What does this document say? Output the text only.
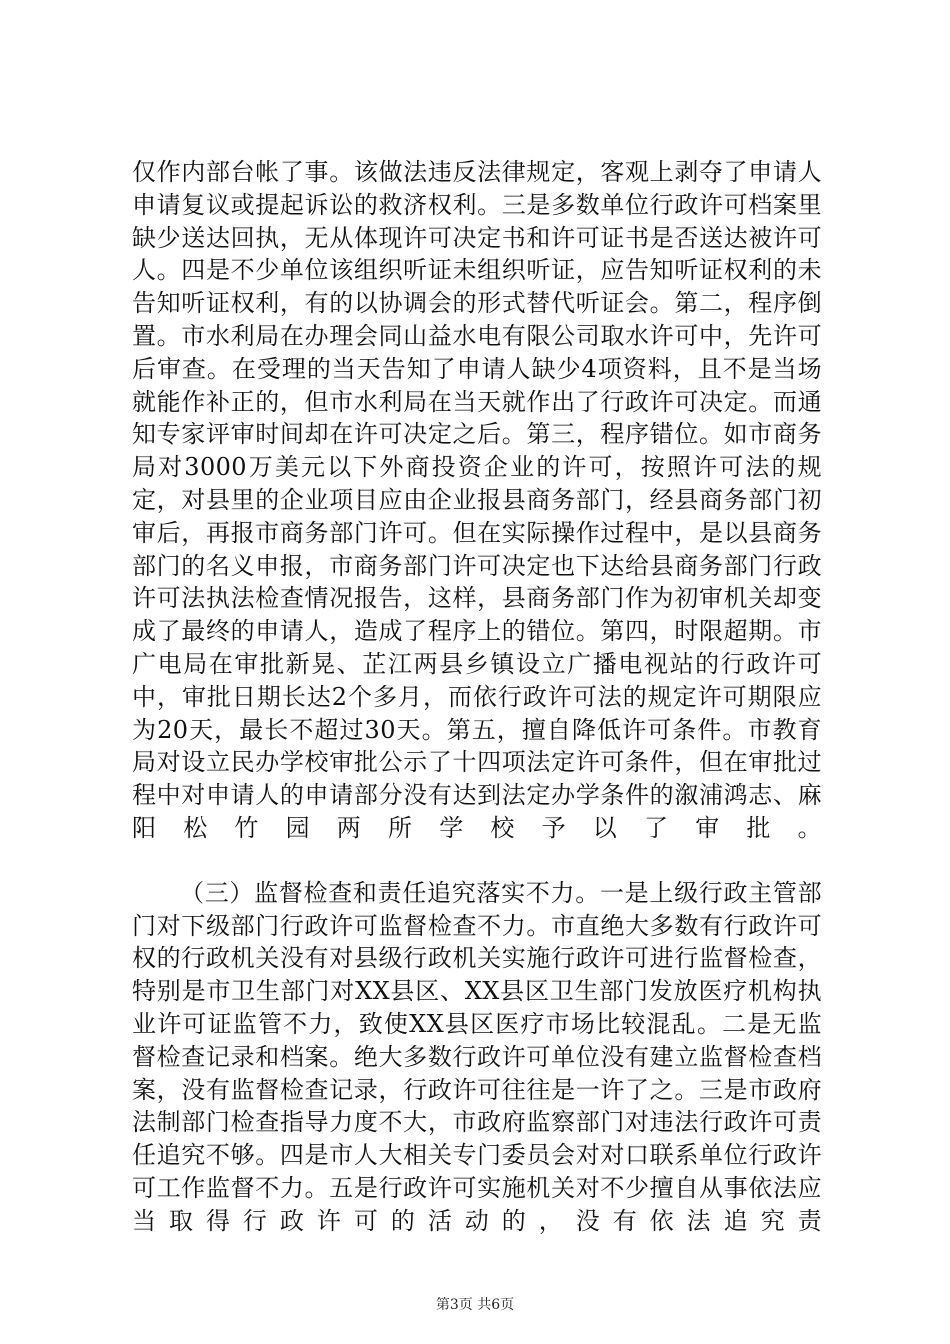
仅作内部台帐了事。该做法违反法律规定，客观上剥夺了申请人申请复议或提起诉讼的救济权利。三是多数单位行政许可档案里缺少送达回执，无从体现许可决定书和许可证书是否送达被许可人。四是不少单位该组织听证未组织听证，应告知听证权利的未告知听证权利，有的以协调会的形式替代听证会。第二，程序倒置。市水利局在办理会同山益水电有限公司取水许可中，先许可后审查。在受理的当天告知了申请人缺少4项资料，且不是当场就能作补正的，但市水利局在当天就作出了行政许可决定。而通知专家评审时间却在许可决定之后。第三，程序错位。如市商务局对3000万美元以下外商投资企业的许可，按照许可法的规定，对县里的企业项目应由企业报县商务部门，经县商务部门初审后，再报市商务部门许可。但在实际操作过程中，是以县商务部门的名义申报，市商务部门许可决定也下达给县商务部门行政许可法执法检查情况报告，这样，县商务部门作为初审机关却变成了最终的申请人，造成了程序上的错位。第四，时限超期。市广电局在审批新晃、芷江两县乡镇设立广播电视站的行政许可中，审批日期长达2个多月，而依行政许可法的规定许可期限应为20天，最长不超过30天。第五，擅自降低许可条件。市教育局对设立民办学校审批公示了十四项法定许可条件，但在审批过程中对申请人的申请部分没有达到法定办学条件的溆浦鸿志、麻阳松竹园两所学校予以了审批。

（三）监督检查和责任追究落实不力。一是上级行政主管部门对下级部门行政许可监督检查不力。市直绝大多数有行政许可权的行政机关没有对县级行政机关实施行政许可进行监督检查，特别是市卫生部门对XX县区、XX县区卫生部门发放医疗机构执业许可证监管不力，致使XX县区医疗市场比较混乱。二是无监督检查记录和档案。绝大多数行政许可单位没有建立监督检查档案，没有监督检查记录，行政许可往往是一许了之。三是市政府法制部门检查指导力度不大，市政府监察部门对违法行政许可责任追究不够。四是市人大相关专门委员会对对口联系单位行政许可工作监督不力。五是行政许可实施机关对不少擅自从事依法应当取得行政许可的活动的，没有依法追究责

第3页 共6页
